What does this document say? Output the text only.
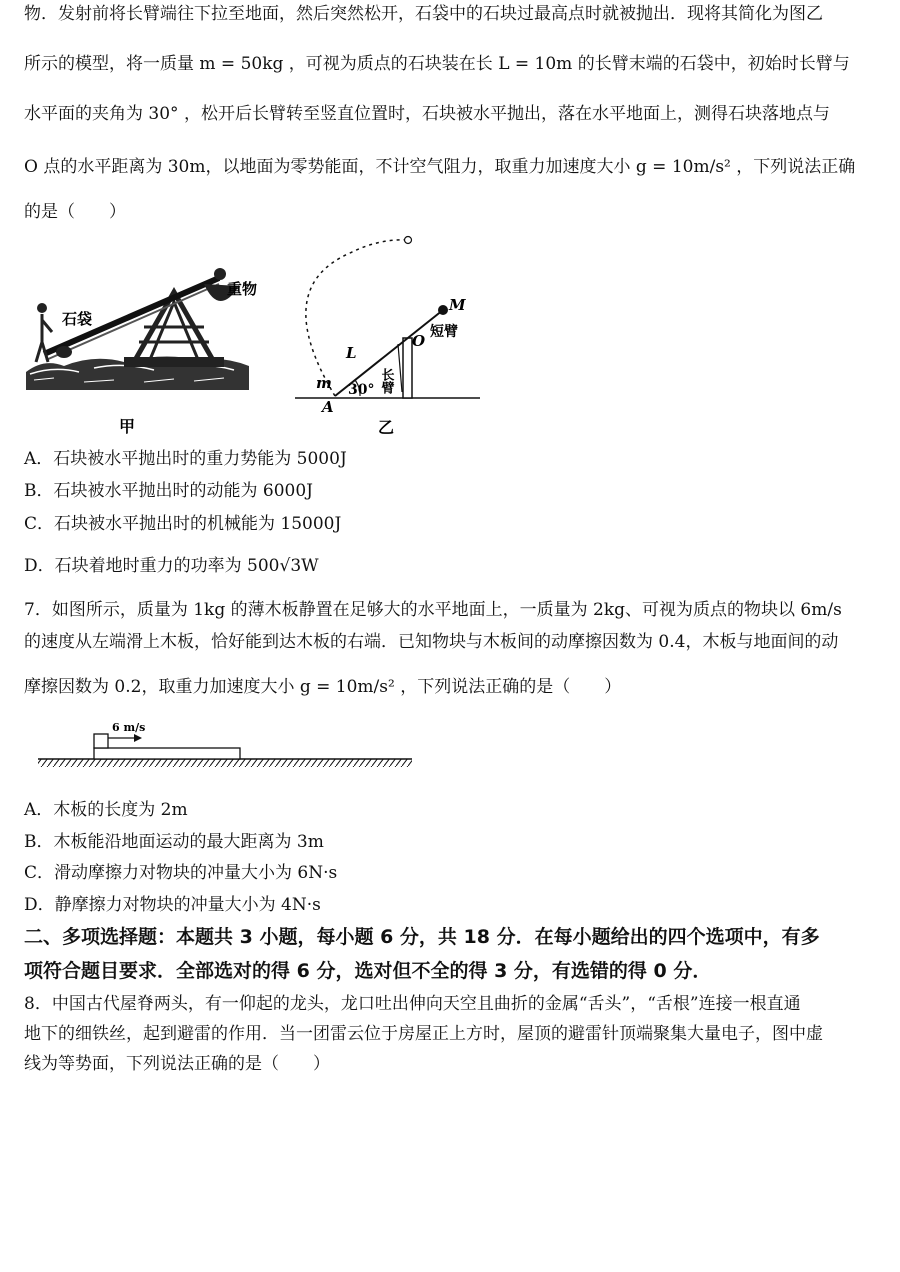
物．发射前将长臂端往下拉至地面，然后突然松开，石袋中的石块过最高点时就被抛出．现将其简化为图乙
所示的模型，将一质量 m = 50kg ，可视为质点的石块装在长 L = 10m 的长臂末端的石袋中，初始时长臂与
水平面的夹角为 30° ，松开后长臂转至竖直位置时，石块被水平抛出，落在水平地面上，测得石块落地点与
O 点的水平距离为 30m，以地面为零势能面，不计空气阻力，取重力加速度大小 g = 10m/s² ，下列说法正确
的是（　　）
石袋
重物
甲
M
O 短臂
L
长臂
30°
m
A
乙
A．石块被水平抛出时的重力势能为 5000J
B．石块被水平抛出时的动能为 6000J
C．石块被水平抛出时的机械能为 15000J
D．石块着地时重力的功率为 500√3W
7．如图所示，质量为 1kg 的薄木板静置在足够大的水平地面上，一质量为 2kg、可视为质点的物块以 6m/s
的速度从左端滑上木板，恰好能到达木板的右端．已知物块与木板间的动摩擦因数为 0.4，木板与地面间的动
摩擦因数为 0.2，取重力加速度大小 g = 10m/s² ，下列说法正确的是（　　）
6 m/s
A．木板的长度为 2m
B．木板能沿地面运动的最大距离为 3m
C．滑动摩擦力对物块的冲量大小为 6N·s
D．静摩擦力对物块的冲量大小为 4N·s
二、多项选择题：本题共 3 小题，每小题 6 分，共 18 分．在每小题给出的四个选项中，有多
项符合题目要求．全部选对的得 6 分，选对但不全的得 3 分，有选错的得 0 分．
8．中国古代屋脊两头，有一仰起的龙头，龙口吐出伸向天空且曲折的金属“舌头”，“舌根”连接一根直通
地下的细铁丝，起到避雷的作用．当一团雷云位于房屋正上方时，屋顶的避雷针顶端聚集大量电子，图中虚
线为等势面，下列说法正确的是（　　）
